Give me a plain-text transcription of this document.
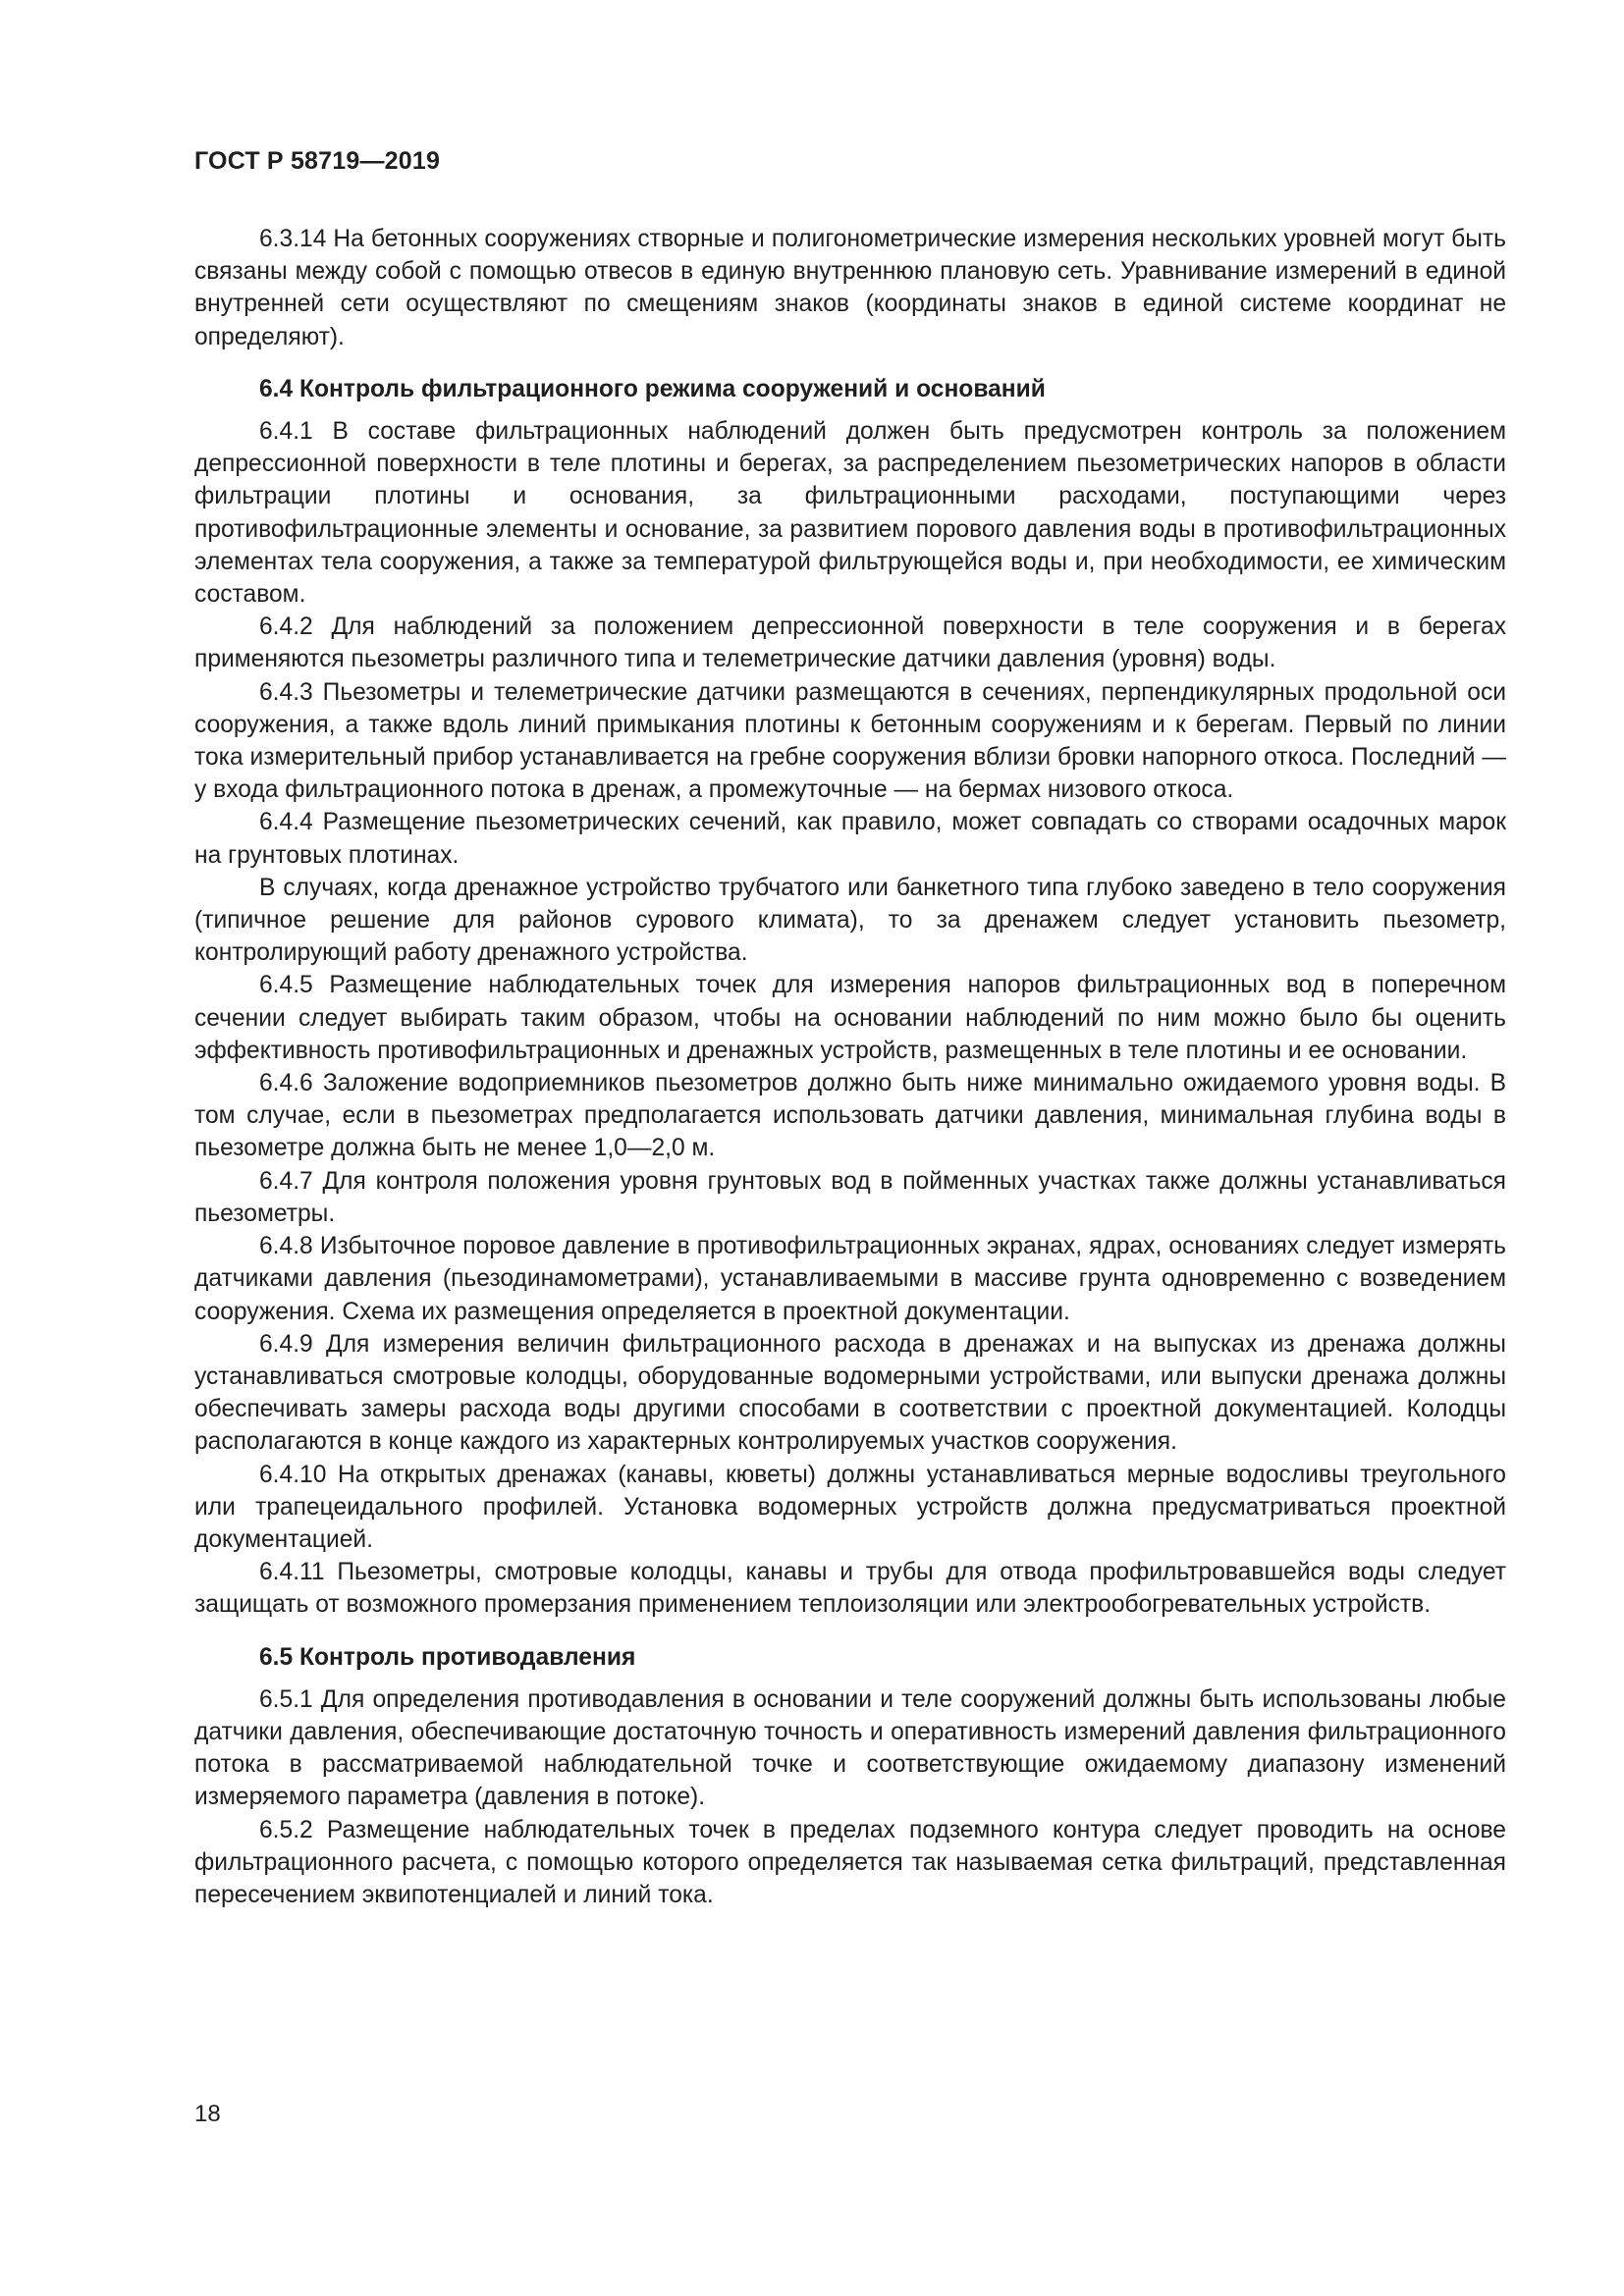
ГОСТ Р 58719—2019

6.3.14 На бетонных сооружениях створные и полигонометрические измерения нескольких уровней могут быть связаны между собой с помощью отвесов в единую внутреннюю плановую сеть. Уравнивание измерений в единой внутренней сети осуществляют по смещениям знаков (координаты знаков в единой системе координат не определяют).

6.4 Контроль фильтрационного режима сооружений и оснований

6.4.1 В составе фильтрационных наблюдений должен быть предусмотрен контроль за положением депрессионной поверхности в теле плотины и берегах, за распределением пьезометрических напоров в области фильтрации плотины и основания, за фильтрационными расходами, поступающими через противофильтрационные элементы и основание, за развитием порового давления воды в противофильтрационных элементах тела сооружения, а также за температурой фильтрующейся воды и, при необходимости, ее химическим составом.

6.4.2 Для наблюдений за положением депрессионной поверхности в теле сооружения и в берегах применяются пьезометры различного типа и телеметрические датчики давления (уровня) воды.

6.4.3 Пьезометры и телеметрические датчики размещаются в сечениях, перпендикулярных продольной оси сооружения, а также вдоль линий примыкания плотины к бетонным сооружениям и к берегам. Первый по линии тока измерительный прибор устанавливается на гребне сооружения вблизи бровки напорного откоса. Последний — у входа фильтрационного потока в дренаж, а промежуточные — на бермах низового откоса.

6.4.4 Размещение пьезометрических сечений, как правило, может совпадать со створами осадочных марок на грунтовых плотинах.

В случаях, когда дренажное устройство трубчатого или банкетного типа глубоко заведено в тело сооружения (типичное решение для районов сурового климата), то за дренажем следует установить пьезометр, контролирующий работу дренажного устройства.

6.4.5 Размещение наблюдательных точек для измерения напоров фильтрационных вод в поперечном сечении следует выбирать таким образом, чтобы на основании наблюдений по ним можно было бы оценить эффективность противофильтрационных и дренажных устройств, размещенных в теле плотины и ее основании.

6.4.6 Заложение водоприемников пьезометров должно быть ниже минимально ожидаемого уровня воды. В том случае, если в пьезометрах предполагается использовать датчики давления, минимальная глубина воды в пьезометре должна быть не менее 1,0—2,0 м.

6.4.7 Для контроля положения уровня грунтовых вод в пойменных участках также должны устанавливаться пьезометры.

6.4.8 Избыточное поровое давление в противофильтрационных экранах, ядрах, основаниях следует измерять датчиками давления (пьезодинамометрами), устанавливаемыми в массиве грунта одновременно с возведением сооружения. Схема их размещения определяется в проектной документации.

6.4.9 Для измерения величин фильтрационного расхода в дренажах и на выпусках из дренажа должны устанавливаться смотровые колодцы, оборудованные водомерными устройствами, или выпуски дренажа должны обеспечивать замеры расхода воды другими способами в соответствии с проектной документацией. Колодцы располагаются в конце каждого из характерных контролируемых участков сооружения.

6.4.10 На открытых дренажах (канавы, кюветы) должны устанавливаться мерные водосливы треугольного или трапецеидального профилей. Установка водомерных устройств должна предусматриваться проектной документацией.

6.4.11 Пьезометры, смотровые колодцы, канавы и трубы для отвода профильтровавшейся воды следует защищать от возможного промерзания применением теплоизоляции или электрообогревательных устройств.

6.5 Контроль противодавления

6.5.1 Для определения противодавления в основании и теле сооружений должны быть использованы любые датчики давления, обеспечивающие достаточную точность и оперативность измерений давления фильтрационного потока в рассматриваемой наблюдательной точке и соответствующие ожидаемому диапазону изменений измеряемого параметра (давления в потоке).

6.5.2 Размещение наблюдательных точек в пределах подземного контура следует проводить на основе фильтрационного расчета, с помощью которого определяется так называемая сетка фильтраций, представленная пересечением эквипотенциалей и линий тока.

18
